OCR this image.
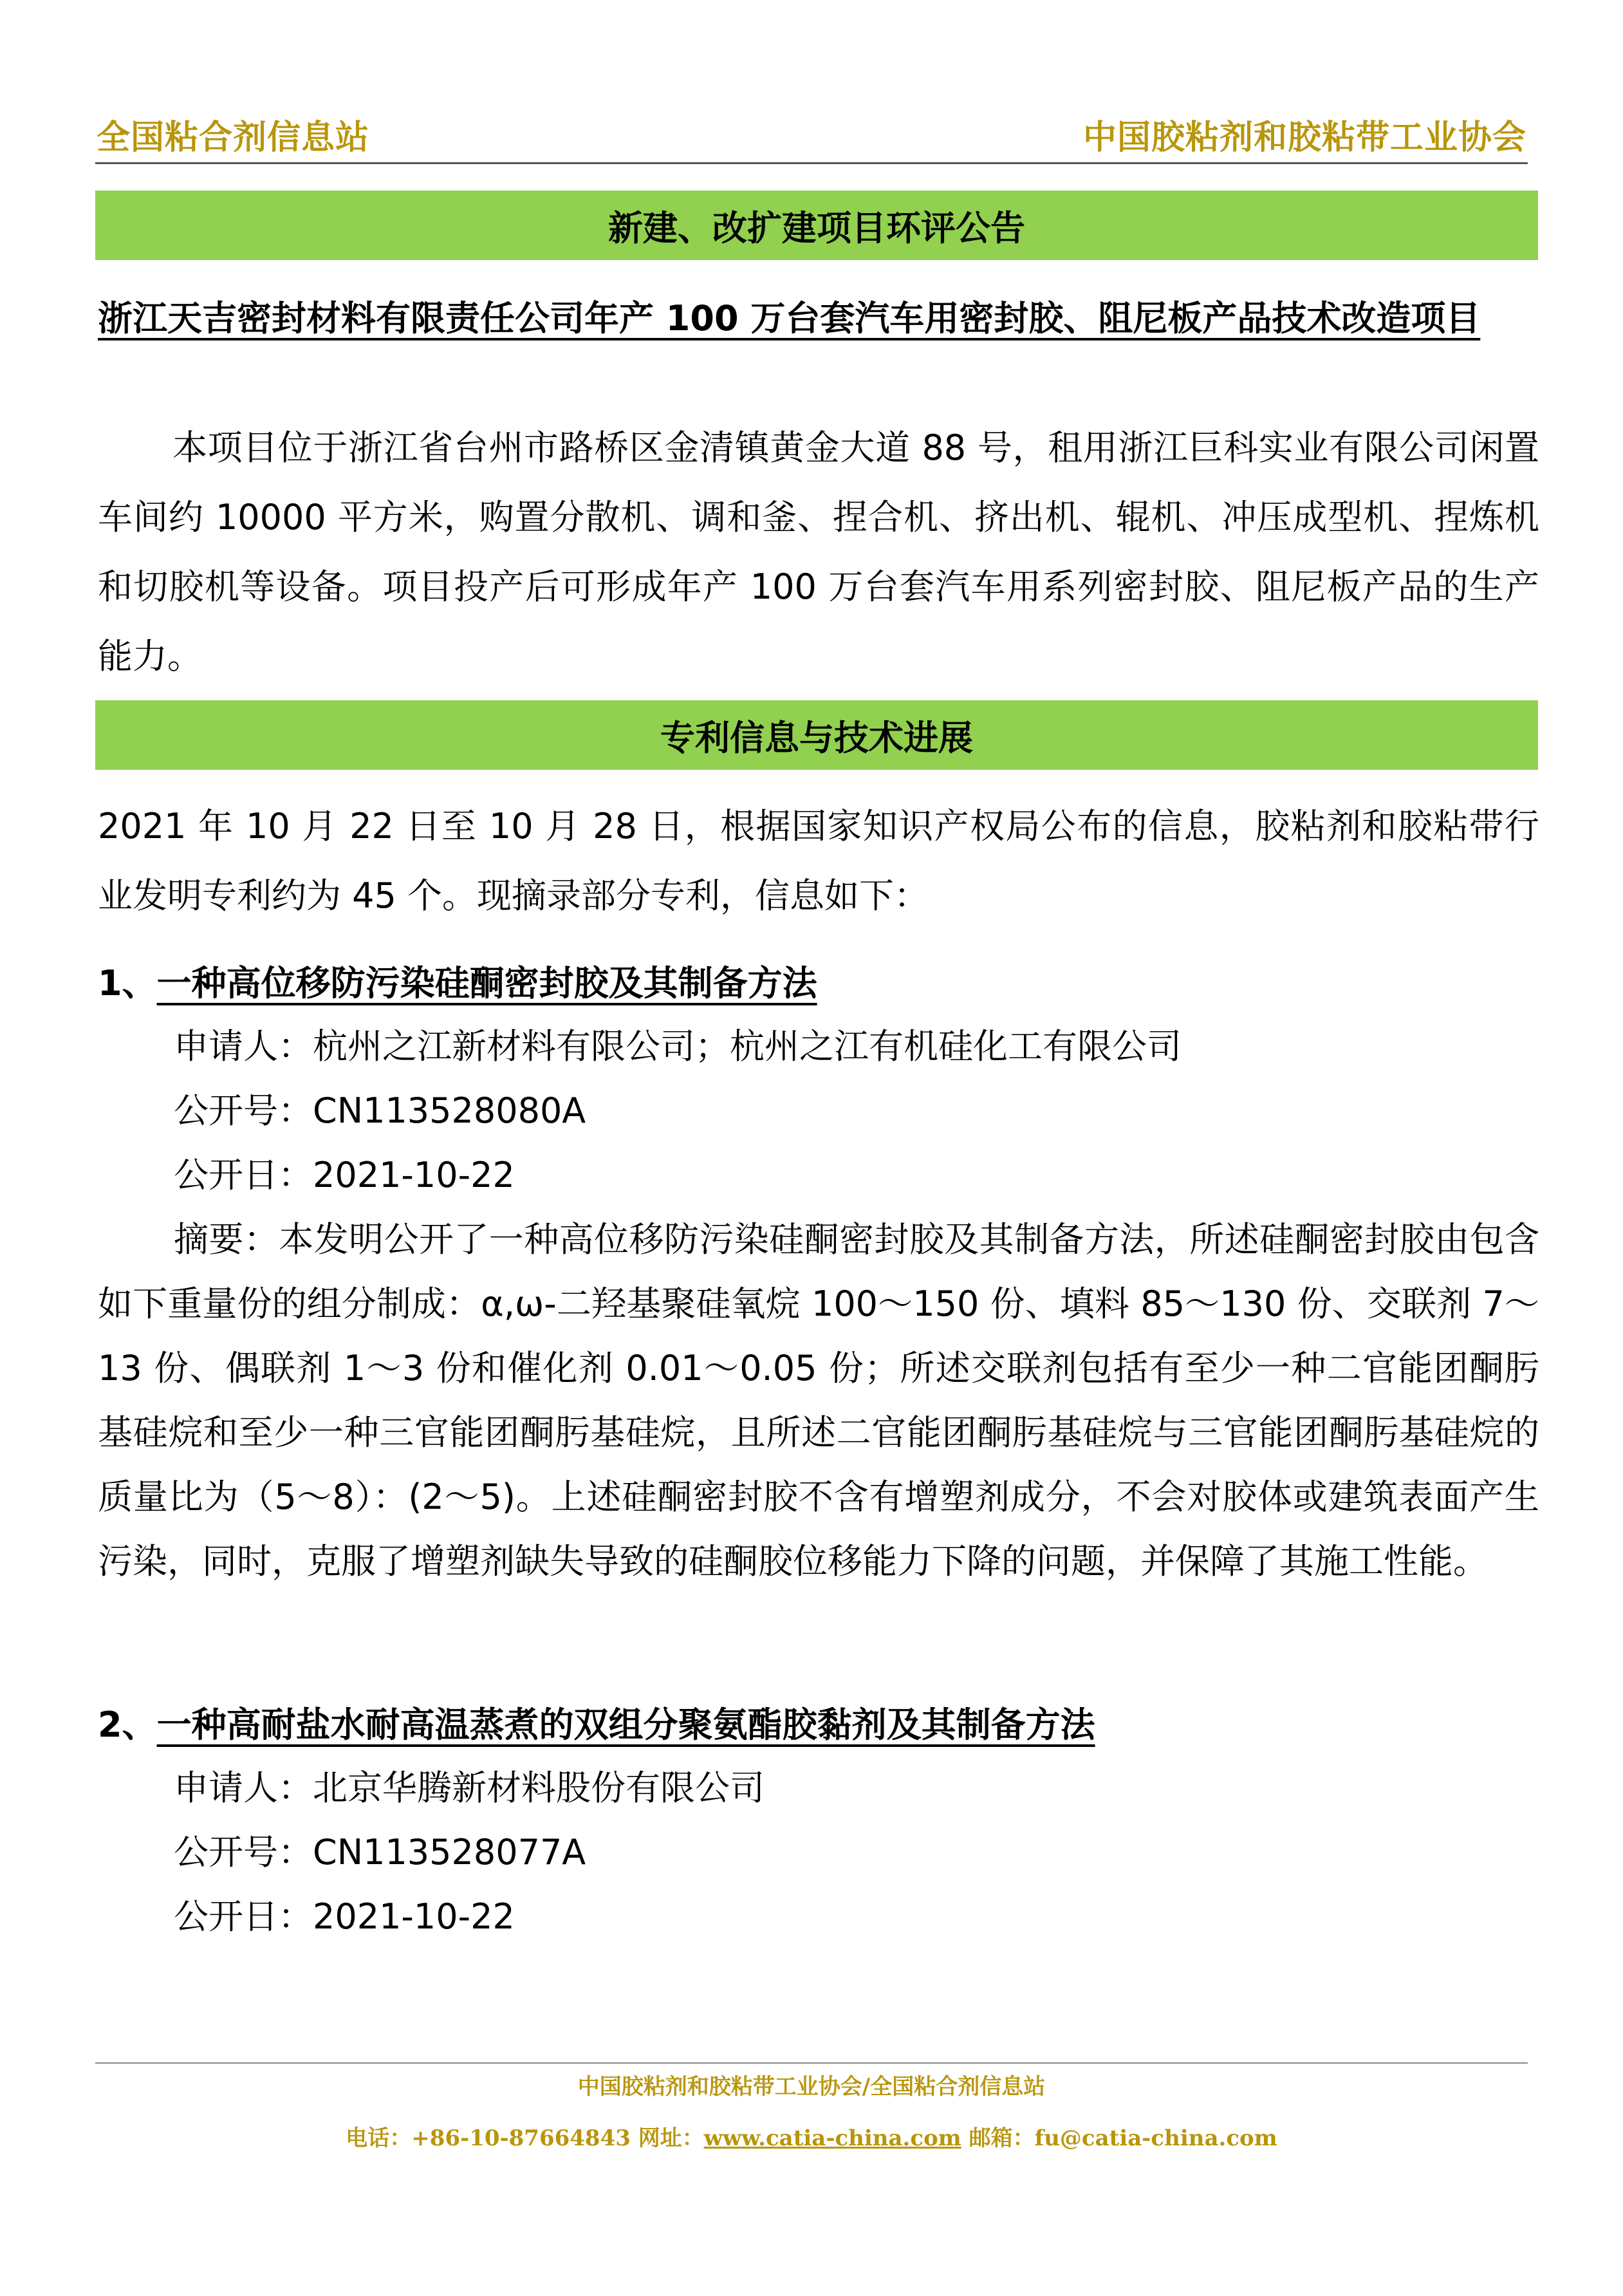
全国粘合剂信息站	中国胶粘剂和胶粘带工业协会
新建、改扩建项目环评公告
浙江天吉密封材料有限责任公司年产 100 万台套汽车用密封胶、阻尼板产品技术改造项目
本项目位于浙江省台州市路桥区金清镇黄金大道 88 号，租用浙江巨科实业有限公司闲置车间约 10000 平方米，购置分散机、调和釜、捏合机、挤出机、辊机、冲压成型机、捏炼机和切胶机等设备。项目投产后可形成年产 100 万台套汽车用系列密封胶、阻尼板产品的生产能力。
专利信息与技术进展
2021 年 10 月 22 日至 10 月 28 日，根据国家知识产权局公布的信息，胶粘剂和胶粘带行业发明专利约为 45 个。现摘录部分专利，信息如下：
1、一种高位移防污染硅酮密封胶及其制备方法
申请人：杭州之江新材料有限公司；杭州之江有机硅化工有限公司
公开号：CN113528080A
公开日：2021-10-22
摘要：本发明公开了一种高位移防污染硅酮密封胶及其制备方法，所述硅酮密封胶由包含如下重量份的组分制成：α,ω-二羟基聚硅氧烷 100～150 份、填料 85～130 份、交联剂 7～13 份、偶联剂 1～3 份和催化剂 0.01～0.05 份；所述交联剂包括有至少一种二官能团酮肟基硅烷和至少一种三官能团酮肟基硅烷，且所述二官能团酮肟基硅烷与三官能团酮肟基硅烷的质量比为（5～8）：(2～5)。上述硅酮密封胶不含有增塑剂成分，不会对胶体或建筑表面产生污染，同时，克服了增塑剂缺失导致的硅酮胶位移能力下降的问题，并保障了其施工性能。
2、一种高耐盐水耐高温蒸煮的双组分聚氨酯胶黏剂及其制备方法
申请人：北京华腾新材料股份有限公司
公开号：CN113528077A
公开日：2021-10-22
中国胶粘剂和胶粘带工业协会/全国粘合剂信息站
电话：+86-10-87664843 网址：www.catia-china.com 邮箱：fu@catia-china.com
